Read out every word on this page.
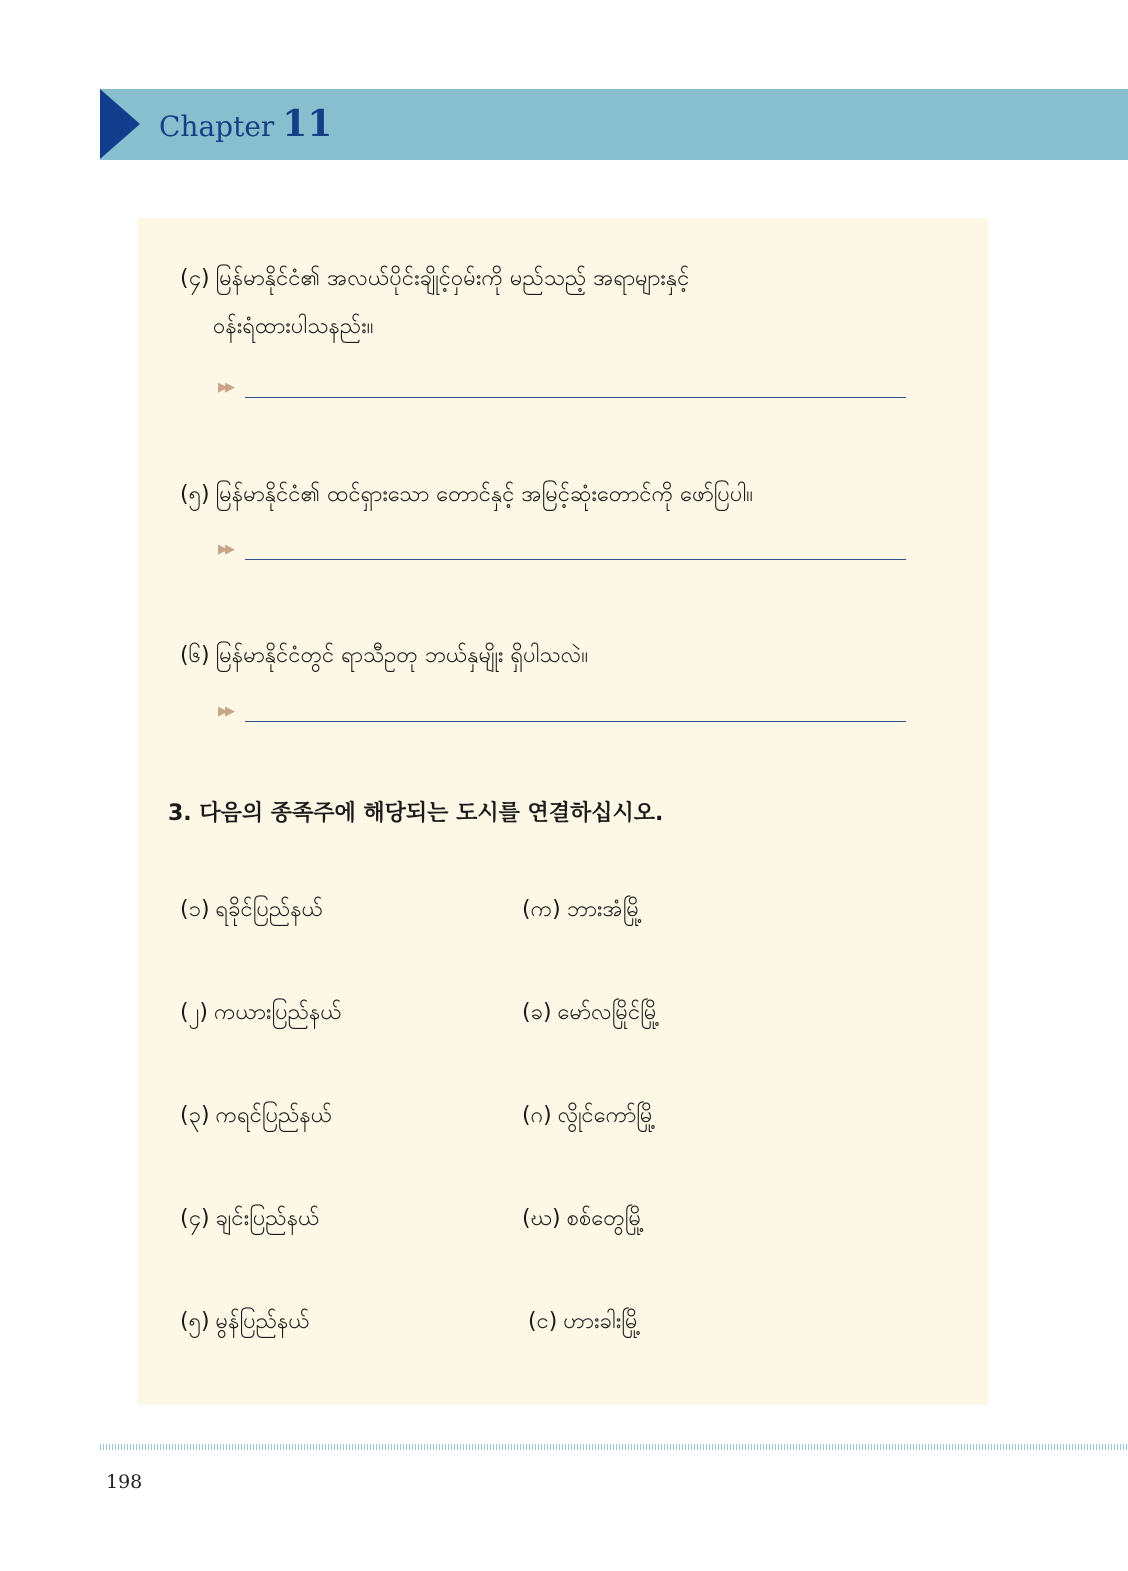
Chapter 11
(၄) မြန်မာနိုင်ငံ၏ အလယ်ပိုင်းချိုင့်ဝှမ်းကို မည်သည့် အရာများနှင့်
ဝန်းရံထားပါသနည်း။
▶▶
(၅) မြန်မာနိုင်ငံ၏ ထင်ရှားသော တောင်နှင့် အမြင့်ဆုံးတောင်ကို ဖော်ပြပါ။
▶▶
(၆) မြန်မာနိုင်ငံတွင် ရာသီဥတု ဘယ်နှမျိုး ရှိပါသလဲ။
▶▶
3. 다음의 종족주에 해당되는 도시를 연결하십시오.
(၁) ရခိုင်ပြည်နယ်
(၂) ကယားပြည်နယ်
(၃) ကရင်ပြည်နယ်
(၄) ချင်းပြည်နယ်
(၅) မွန်ပြည်နယ်
(က) ဘားအံမြို့
(ခ) မော်လမြိုင်မြို့
(ဂ) လွိုင်ကော်မြို့
(ဃ) စစ်တွေမြို့
(င) ဟားခါးမြို့
198
